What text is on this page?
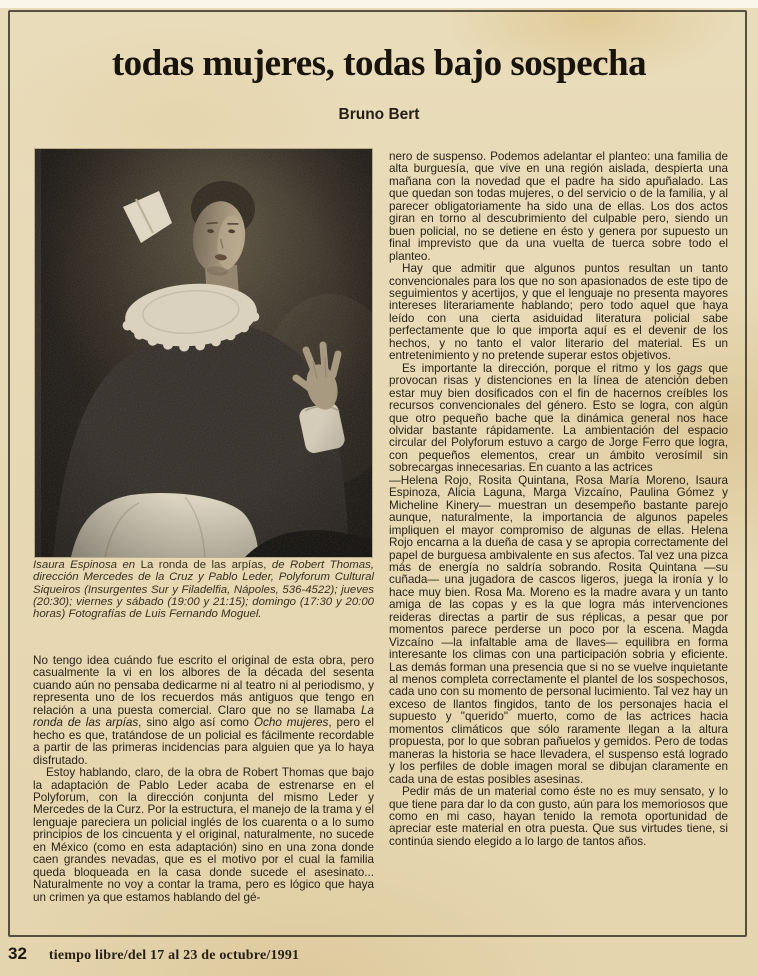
todas mujeres, todas bajo sospecha
Bruno Bert
Isaura Espinosa en La ronda de las arpías, de Robert Thomas, dirección Mercedes de la Cruz y Pablo Leder, Polyforum Cultural Siqueiros (Insurgentes Sur y Filadelfia, Nápoles, 536-4522); jueves (20:30); viernes y sábado (19:00 y 21:15); domingo (17:30 y 20:00 horas) Fotografías de Luis Fernando Moguel.

No tengo idea cuándo fue escrito el original de esta obra, pero casualmente la vi en los albores de la década del sesenta cuando aún no pensaba dedicarme ni al teatro ni al periodismo, y representa uno de los recuerdos más antiguos que tengo en relación a una puesta comercial. Claro que no se llamaba La ronda de las arpías, sino algo así como Ocho mujeres, pero el hecho es que, tratándose de un policial es fácilmente recordable a partir de las primeras incidencias para alguien que ya lo haya disfrutado.

Estoy hablando, claro, de la obra de Robert Thomas que bajo la adaptación de Pablo Leder acaba de estrenarse en el Polyforum, con la dirección conjunta del mismo Leder y Mercedes de la Curz. Por la estructura, el manejo de la trama y el lenguaje pareciera un policial inglés de los cuarenta o a lo sumo principios de los cincuenta y el original, naturalmente, no sucede en México (como en esta adaptación) sino en una zona donde caen grandes nevadas, que es el motivo por el cual la familia queda bloqueada en la casa donde sucede el asesinato... Naturalmente no voy a contar la trama, pero es lógico que haya un crimen ya que estamos hablando del gé-

nero de suspenso. Podemos adelantar el planteo: una familia de alta burguesía, que vive en una región aislada, despierta una mañana con la novedad que el padre ha sido apuñalado. Las que quedan son todas mujeres, o del servicio o de la familia, y al parecer obligatoriamente ha sido una de ellas. Los dos actos giran en torno al descubrimiento del culpable pero, siendo un buen policial, no se detiene en ésto y genera por supuesto un final imprevisto que da una vuelta de tuerca sobre todo el planteo.

Hay que admitir que algunos puntos resultan un tanto convencionales para los que no son apasionados de este tipo de seguimientos y acertijos, y que el lenguaje no presenta mayores intereses literariamente hablando; pero todo aquel que haya leído con una cierta asiduidad literatura policial sabe perfectamente que lo que importa aquí es el devenir de los hechos, y no tanto el valor literario del material. Es un entretenimiento y no pretende superar estos objetivos.

Es importante la dirección, porque el ritmo y los gags que provocan risas y distenciones en la línea de atención deben estar muy bien dosificados con el fin de hacernos creíbles los recursos convencionales del género. Esto se logra, con algún que otro pequeño bache que la dinámica general nos hace olvidar bastante rápidamente. La ambientación del espacio circular del Polyforum estuvo a cargo de Jorge Ferro que logra, con pequeños elementos, crear un ámbito verosímil sin sobrecargas innecesarias. En cuanto a las actrices

—Helena Rojo, Rosita Quintana, Rosa María Moreno, Isaura Espinoza, Alicia Laguna, Marga Vizcaíno, Paulina Gómez y Micheline Kinery— muestran un desempeño bastante parejo aunque, naturalmente, la importancia de algunos papeles impliquen el mayor compromiso de algunas de ellas. Helena Rojo encarna a la dueña de casa y se apropia correctamente del papel de burguesa ambivalente en sus afectos. Tal vez una pizca más de energía no saldría sobrando. Rosita Quintana —su cuñada— una jugadora de cascos ligeros, juega la ironía y lo hace muy bien. Rosa Ma. Moreno es la madre avara y un tanto amiga de las copas y es la que logra más intervenciones reideras directas a partir de sus réplicas, a pesar que por momentos parece perderse un poco por la escena. Magda Vizcaíno —la infaltable ama de llaves— equilibra en forma interesante los climas con una participación sobria y eficiente. Las demás forman una presencia que si no se vuelve inquietante al menos completa correctamente el plantel de los sospechosos, cada uno con su momento de personal lucimiento. Tal vez hay un exceso de llantos fingidos, tanto de los personajes hacia el supuesto y "querido" muerto, como de las actrices hacia momentos climáticos que sólo raramente llegan a la altura propuesta, por lo que sobran pañuelos y gemidos. Pero de todas maneras la historia se hace llevadera, el suspenso está logrado y los perfiles de doble imagen moral se dibujan claramente en cada una de estas posibles asesinas.

Pedir más de un material como éste no es muy sensato, y lo que tiene para dar lo da con gusto, aún para los memoriosos que como en mi caso, hayan tenido la remota oportunidad de apreciar este material en otra puesta. Que sus virtudes tiene, si continúa siendo elegido a lo largo de tantos años.

32 tiempo libre/del 17 al 23 de octubre/1991
